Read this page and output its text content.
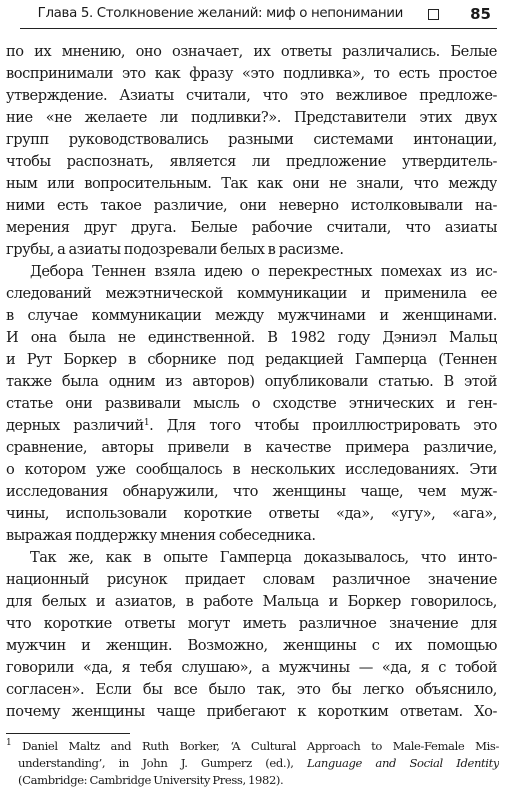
Глава 5. Столкновение желаний: миф о непонимании	85
по их мнению, оно означает, их ответы различались. Белые
воспринимали это как фразу «это подливка», то есть простое
утверждение. Азиаты считали, что это вежливое предложе-
ние «не желаете ли подливки?». Представители этих двух
групп руководствовались разными системами интонации,
чтобы распознать, является ли предложение утвердитель-
ным или вопросительным. Так как они не знали, что между
ними есть такое различие, они неверно истолковывали на-
мерения друг друга. Белые рабочие считали, что азиаты
грубы, а азиаты подозревали белых в расизме.
Дебора Теннен взяла идею о перекрестных помехах из ис-
следований межэтнической коммуникации и применила ее
в случае коммуникации между мужчинами и женщинами.
И она была не единственной. В 1982 году Дэниэл Мальц
и Рут Боркер в сборнике под редакцией Гамперца (Теннен
также была одним из авторов) опубликовали статью. В этой
статье они развивали мысль о сходстве этнических и ген-
дерных различий$^1$. Для того чтобы проиллюстрировать это
сравнение, авторы привели в качестве примера различие,
о котором уже сообщалось в нескольких исследованиях. Эти
исследования обнаружили, что женщины чаще, чем муж-
чины, использовали короткие ответы «да», «угу», «ага»,
выражая поддержку мнения собеседника.
Так же, как в опыте Гамперца доказывалось, что инто-
национный рисунок придает словам различное значение
для белых и азиатов, в работе Мальца и Боркер говорилось,
что короткие ответы могут иметь различное значение для
мужчин и женщин. Возможно, женщины с их помощью
говорили «да, я тебя слушаю», а мужчины — «да, я с тобой
согласен». Если бы все было так, это бы легко объяснило,
почему женщины чаще прибегают к коротким ответам. Хо-
$^1$ Daniel Maltz and Ruth Borker, ‘A Cultural Approach to Male-Female Mis-
understanding’, in John J. Gumperz (ed.), Language and Social Identity
(Cambridge: Cambridge University Press, 1982).
